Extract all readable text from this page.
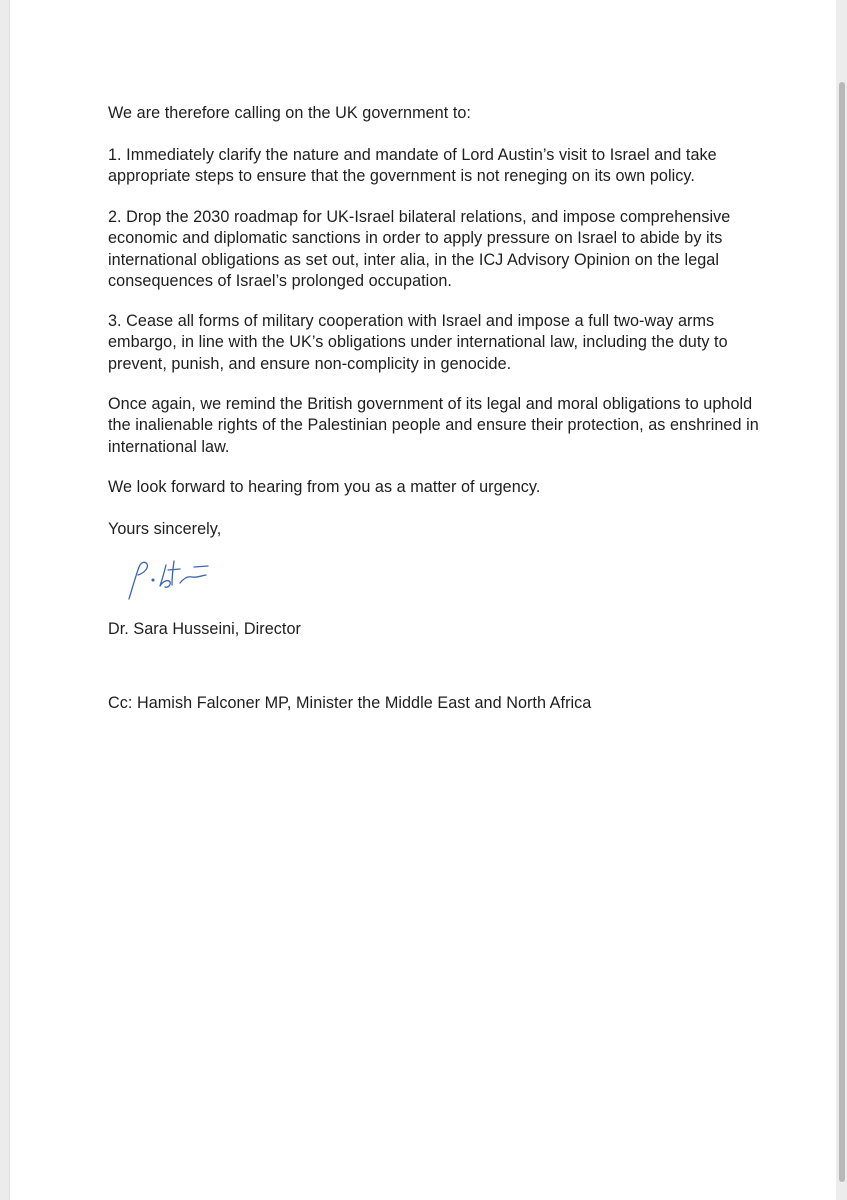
We are therefore calling on the UK government to:

1. Immediately clarify the nature and mandate of Lord Austin’s visit to Israel and take appropriate steps to ensure that the government is not reneging on its own policy.

2. Drop the 2030 roadmap for UK-Israel bilateral relations, and impose comprehensive economic and diplomatic sanctions in order to apply pressure on Israel to abide by its international obligations as set out, inter alia, in the ICJ Advisory Opinion on the legal consequences of Israel’s prolonged occupation.

3. Cease all forms of military cooperation with Israel and impose a full two-way arms embargo, in line with the UK’s obligations under international law, including the duty to prevent, punish, and ensure non-complicity in genocide.

Once again, we remind the British government of its legal and moral obligations to uphold the inalienable rights of the Palestinian people and ensure their protection, as enshrined in international law.

We look forward to hearing from you as a matter of urgency.

Yours sincerely,

Dr. Sara Husseini, Director

Cc: Hamish Falconer MP, Minister the Middle East and North Africa
